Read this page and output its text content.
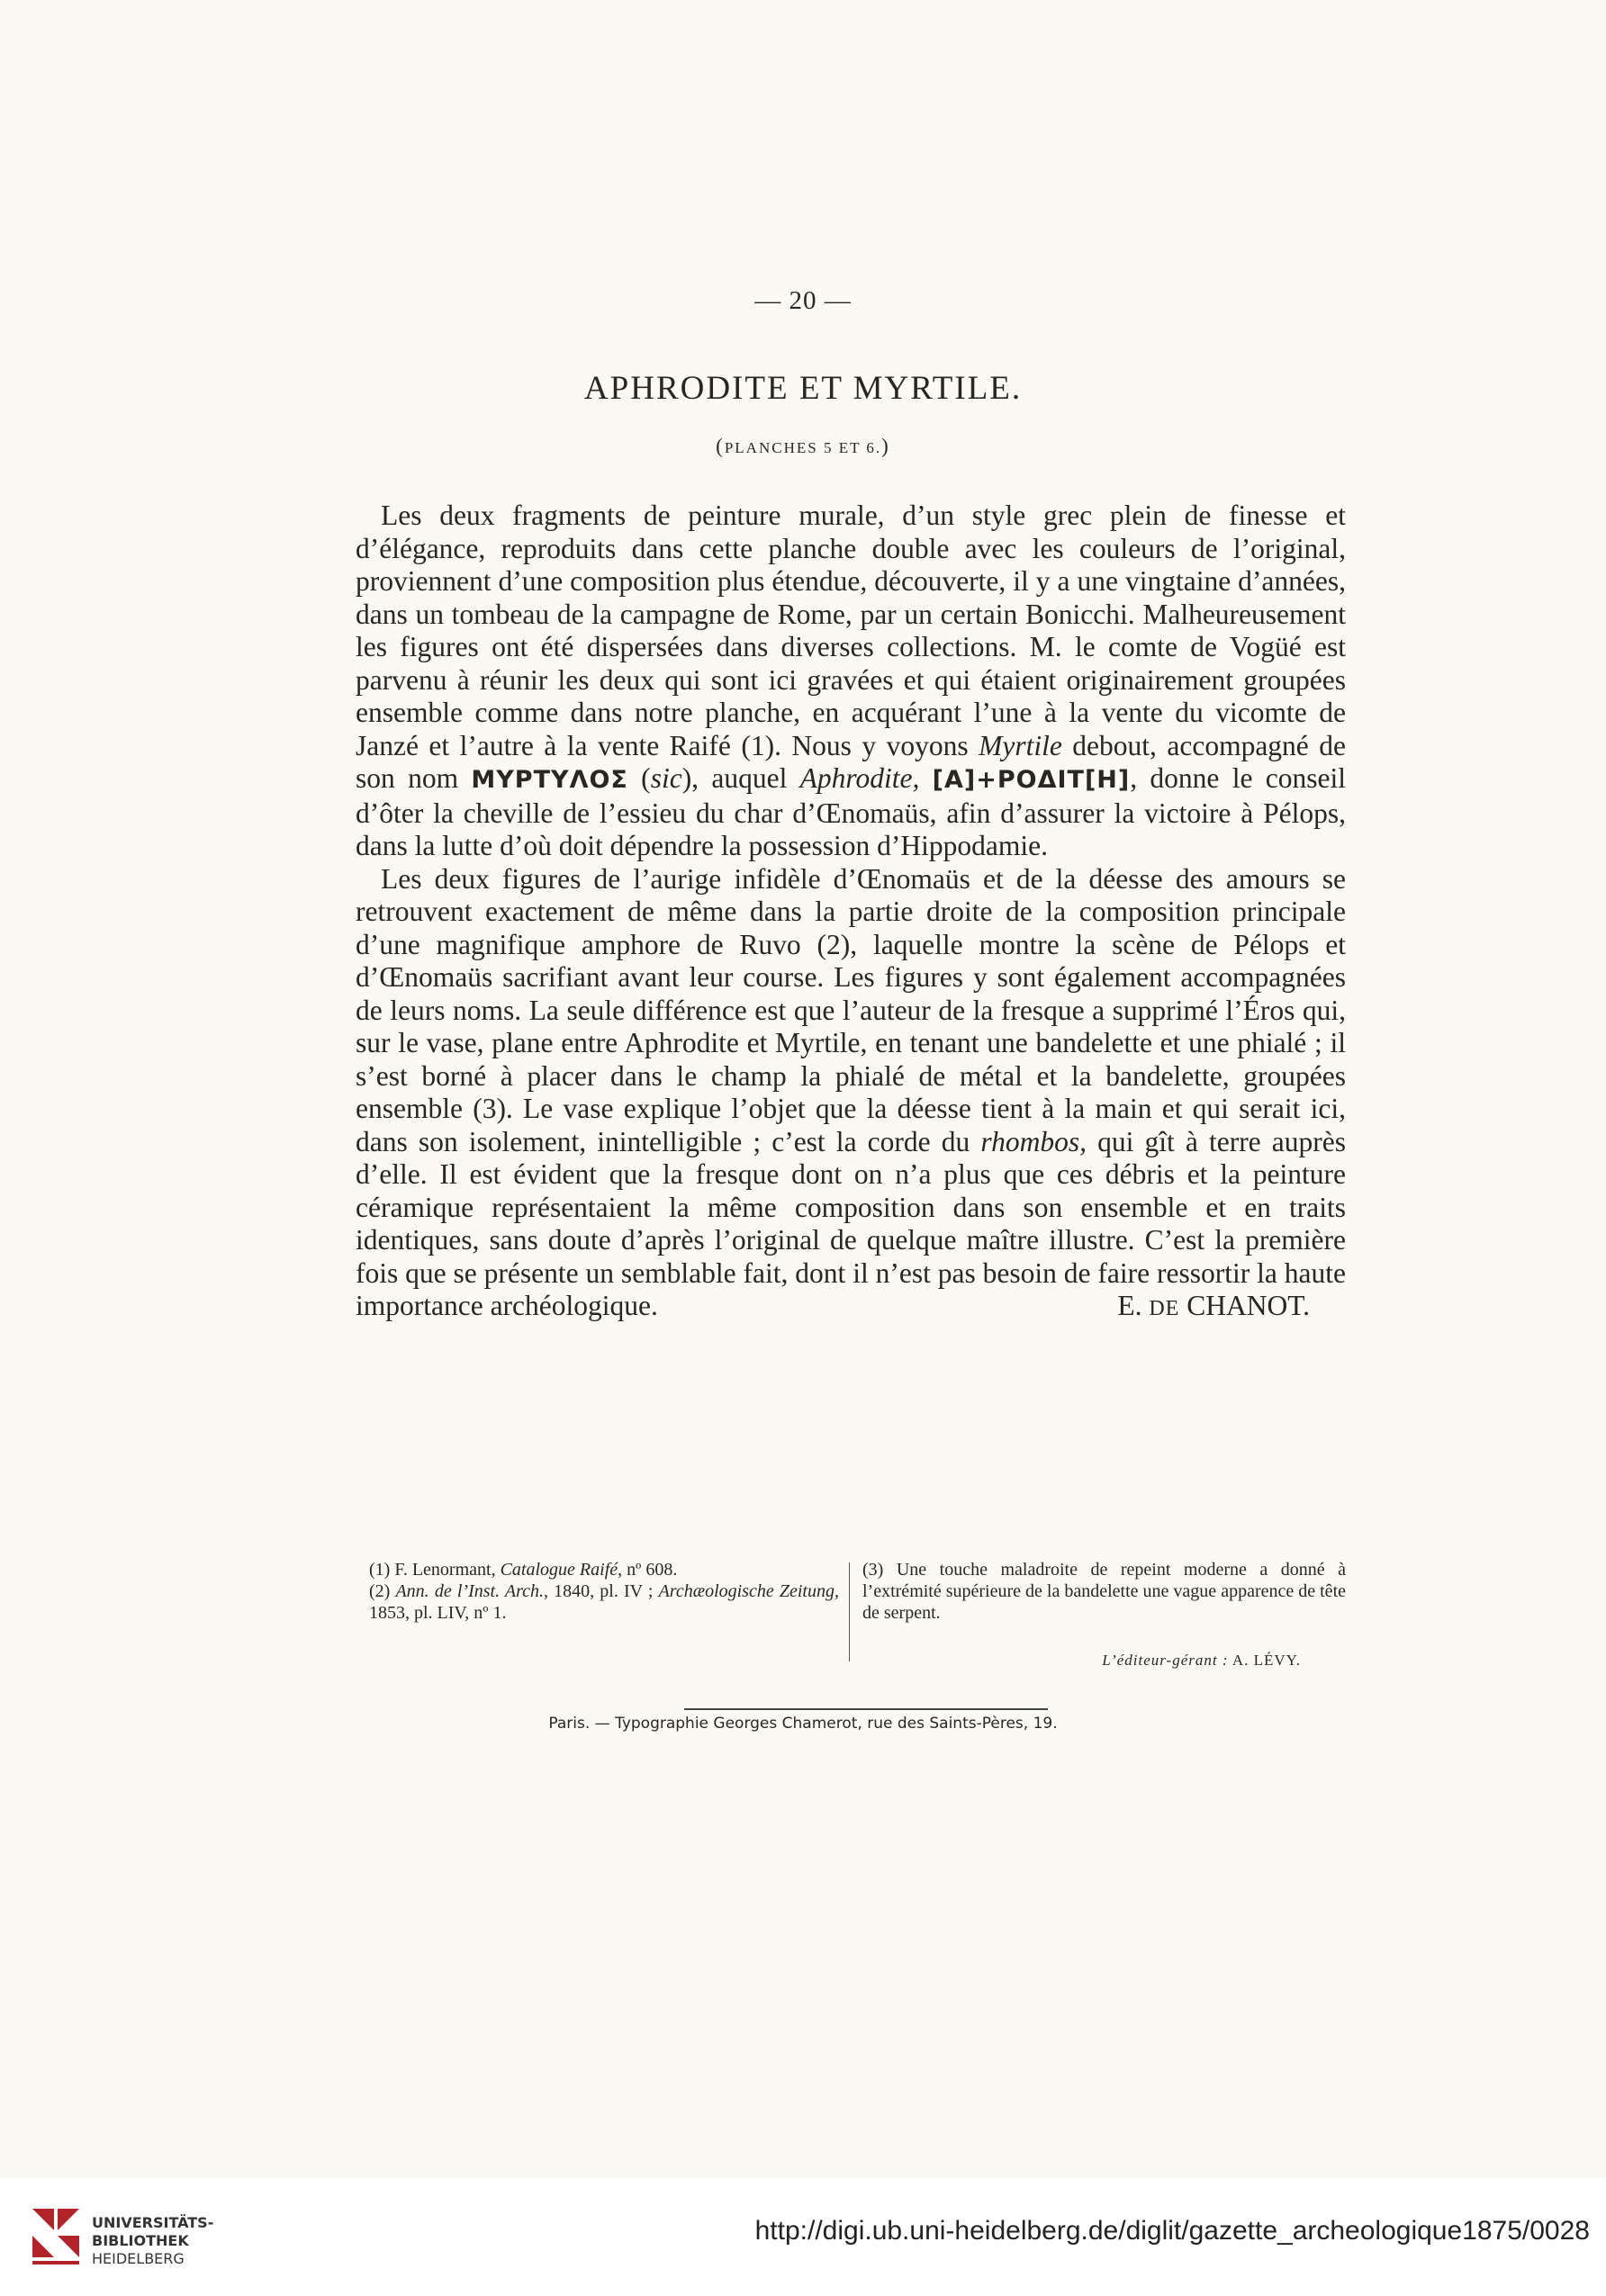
— 20 —
APHRODITE ET MYRTILE.
(PLANCHES 5 ET 6.)

Les deux fragments de peinture murale, d’un style grec plein de finesse et d’élégance, reproduits dans cette planche double avec les couleurs de l’original, proviennent d’une composition plus étendue, découverte, il y a une vingtaine d’années, dans un tombeau de la campagne de Rome, par un certain Bonicchi. Malheureusement les figures ont été dispersées dans diverses collections. M. le comte de Vogüé est parvenu à réunir les deux qui sont ici gravées et qui étaient originairement groupées ensemble comme dans notre planche, en acquérant l’une à la vente du vicomte de Janzé et l’autre à la vente Raifé (1). Nous y voyons Myrtile debout, accompagné de son nom ΜΥΡΤΥΛΟΣ (sic), auquel Aphrodite, [Α]+ΡΟΔΙΤ[Η], donne le conseil d’ôter la cheville de l’essieu du char d’Œnomaüs, afin d’assurer la victoire à Pélops, dans la lutte d’où doit dépendre la possession d’Hippodamie.

Les deux figures de l’aurige infidèle d’Œnomaüs et de la déesse des amours se retrouvent exactement de même dans la partie droite de la composition principale d’une magnifique amphore de Ruvo (2), laquelle montre la scène de Pélops et d’Œnomaüs sacrifiant avant leur course. Les figures y sont également accompagnées de leurs noms. La seule différence est que l’auteur de la fresque a supprimé l’Éros qui, sur le vase, plane entre Aphrodite et Myrtile, en tenant une bandelette et une phialé ; il s’est borné à placer dans le champ la phialé de métal et la bandelette, groupées ensemble (3). Le vase explique l’objet que la déesse tient à la main et qui serait ici, dans son isolement, inintelligible ; c’est la corde du rhombos, qui gît à terre auprès d’elle. Il est évident que la fresque dont on n’a plus que ces débris et la peinture céramique représentaient la même composition dans son ensemble et en traits identiques, sans doute d’après l’original de quelque maître illustre. C’est la première fois que se présente un semblable fait, dont il n’est pas besoin de faire ressortir la haute importance archéologique.	E. DE CHANOT.
(1) F. Lenormant, Catalogue Raifé, nº 608.
(2) Ann. de l’Inst. Arch., 1840, pl. IV ; Archæologische Zeitung, 1853, pl. LIV, nº 1.
(3) Une touche maladroite de repeint moderne a donné à l’extrémité supérieure de la bandelette une vague apparence de tête de serpent.
L’éditeur-gérant : A. LÉVY.
Paris. — Typographie Georges Chamerot, rue des Saints-Pères, 19.
UNIVERSITÄTS-
BIBLIOTHEK
HEIDELBERG
http://digi.ub.uni-heidelberg.de/diglit/gazette_archeologique1875/0028
